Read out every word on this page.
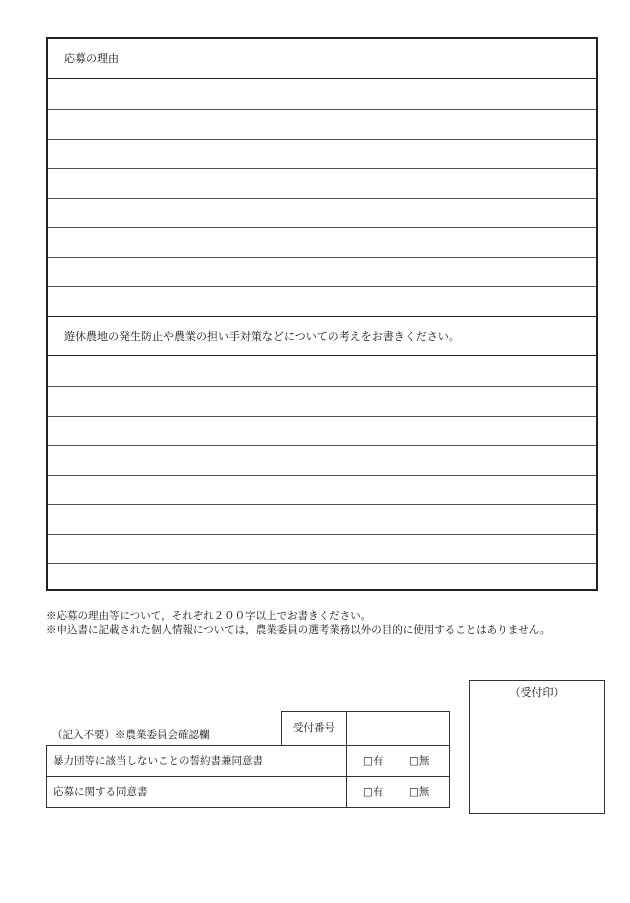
応募の理由
遊休農地の発生防止や農業の担い手対策などについての考えをお書きください。
※応募の理由等について，それぞれ２００字以上でお書きください。
※申込書に記載された個人情報については，農業委員の選考業務以外の目的に使用することはありません。
（記入不要）※農業委員会確認欄
受付番号
暴力団等に該当しないことの誓約書兼同意書	□有 □無
応募に関する同意書	□有 □無
（受付印）
